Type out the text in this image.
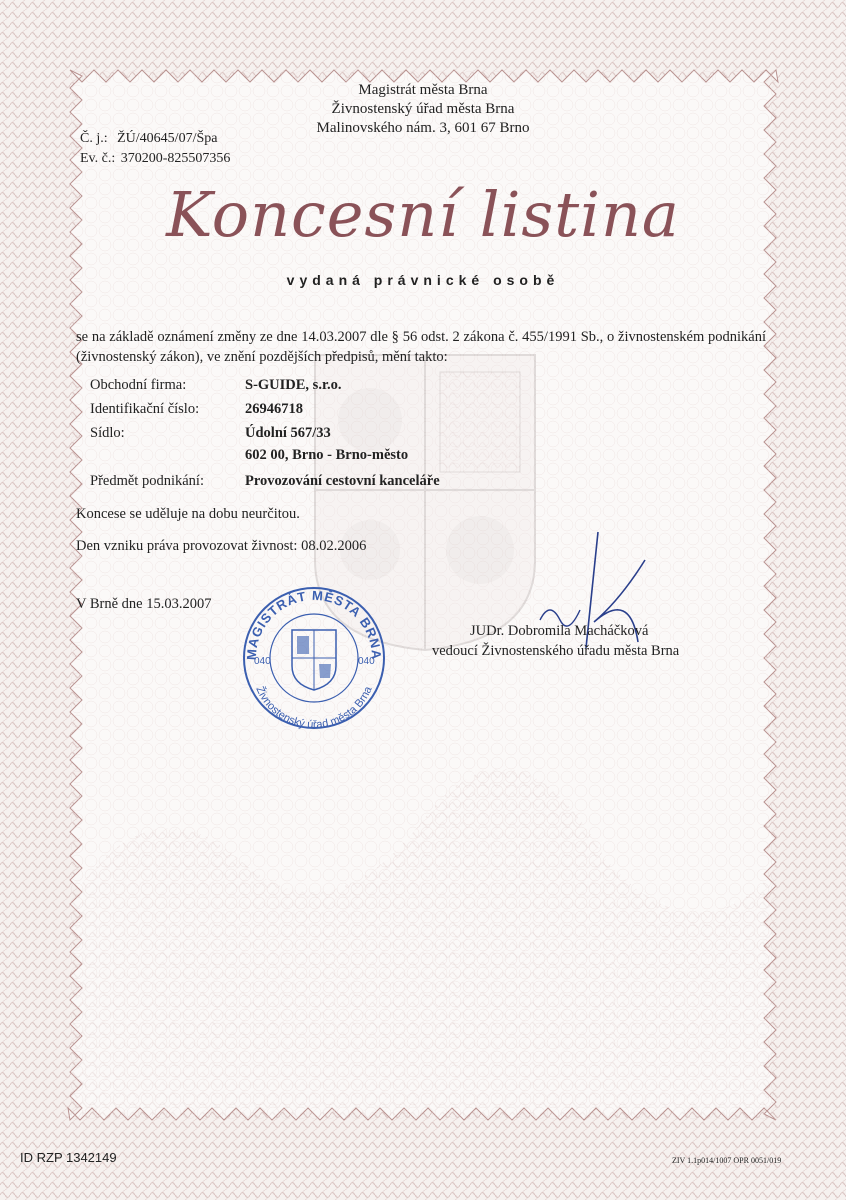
Magistrát města Brna
Živnostenský úřad města Brna
Malinovského nám. 3, 601 67 Brno
Č. j.: ŽÚ/40645/07/Špa
Ev. č.: 370200-825507356
Koncesní listina
vydaná právnické osobě
se na základě oznámení změny ze dne 14.03.2007 dle § 56 odst. 2 zákona č. 455/1991 Sb., o živnostenském podnikání (živnostenský zákon), ve znění pozdějších předpisů, mění takto:
Obchodní firma:	S-GUIDE, s.r.o.
Identifikační číslo:	26946718
Sídlo:	Údolní 567/33
602 00, Brno - Brno-město
Předmět podnikání:	Provozování cestovní kanceláře
Koncese se uděluje na dobu neurčitou.
Den vzniku práva provozovat živnost: 08.02.2006
V Brně dne 15.03.2007
MAGISTRÁT MĚSTA BRNA
Živnostenský úřad města Brna
040	040
JUDr. Dobromila Macháčková
vedoucí Živnostenského úřadu města Brna
ID RZP 1342149	ZIV 1.1p014/1007 OPR 0051/019
